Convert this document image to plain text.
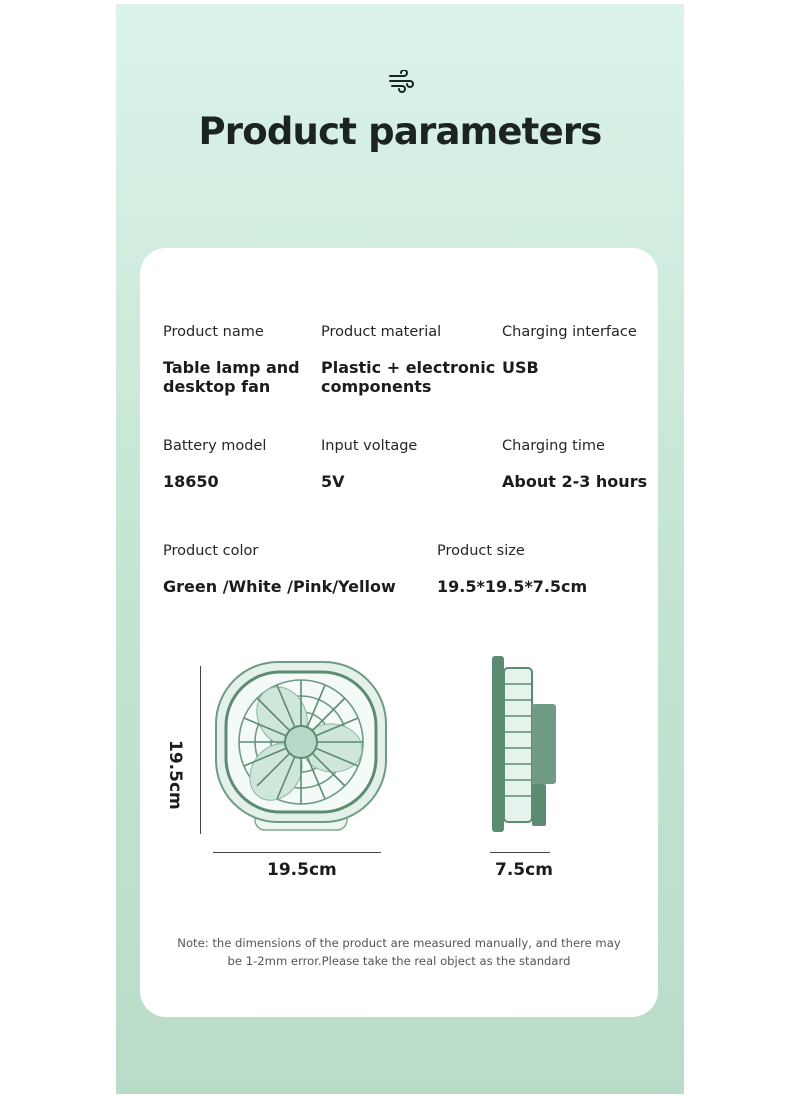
Product parameters
Product name
Table lamp and
desktop fan
Product material
Plastic + electronic
components
Charging interface
USB
Battery model
18650
Input voltage
5V
Charging time
About 2-3 hours
Product color
Green /White /Pink/Yellow
Product size
19.5*19.5*7.5cm
19.5cm
19.5cm	7.5cm
Note: the dimensions of the product are measured manually, and there may
be 1-2mm error.Please take the real object as the standard
